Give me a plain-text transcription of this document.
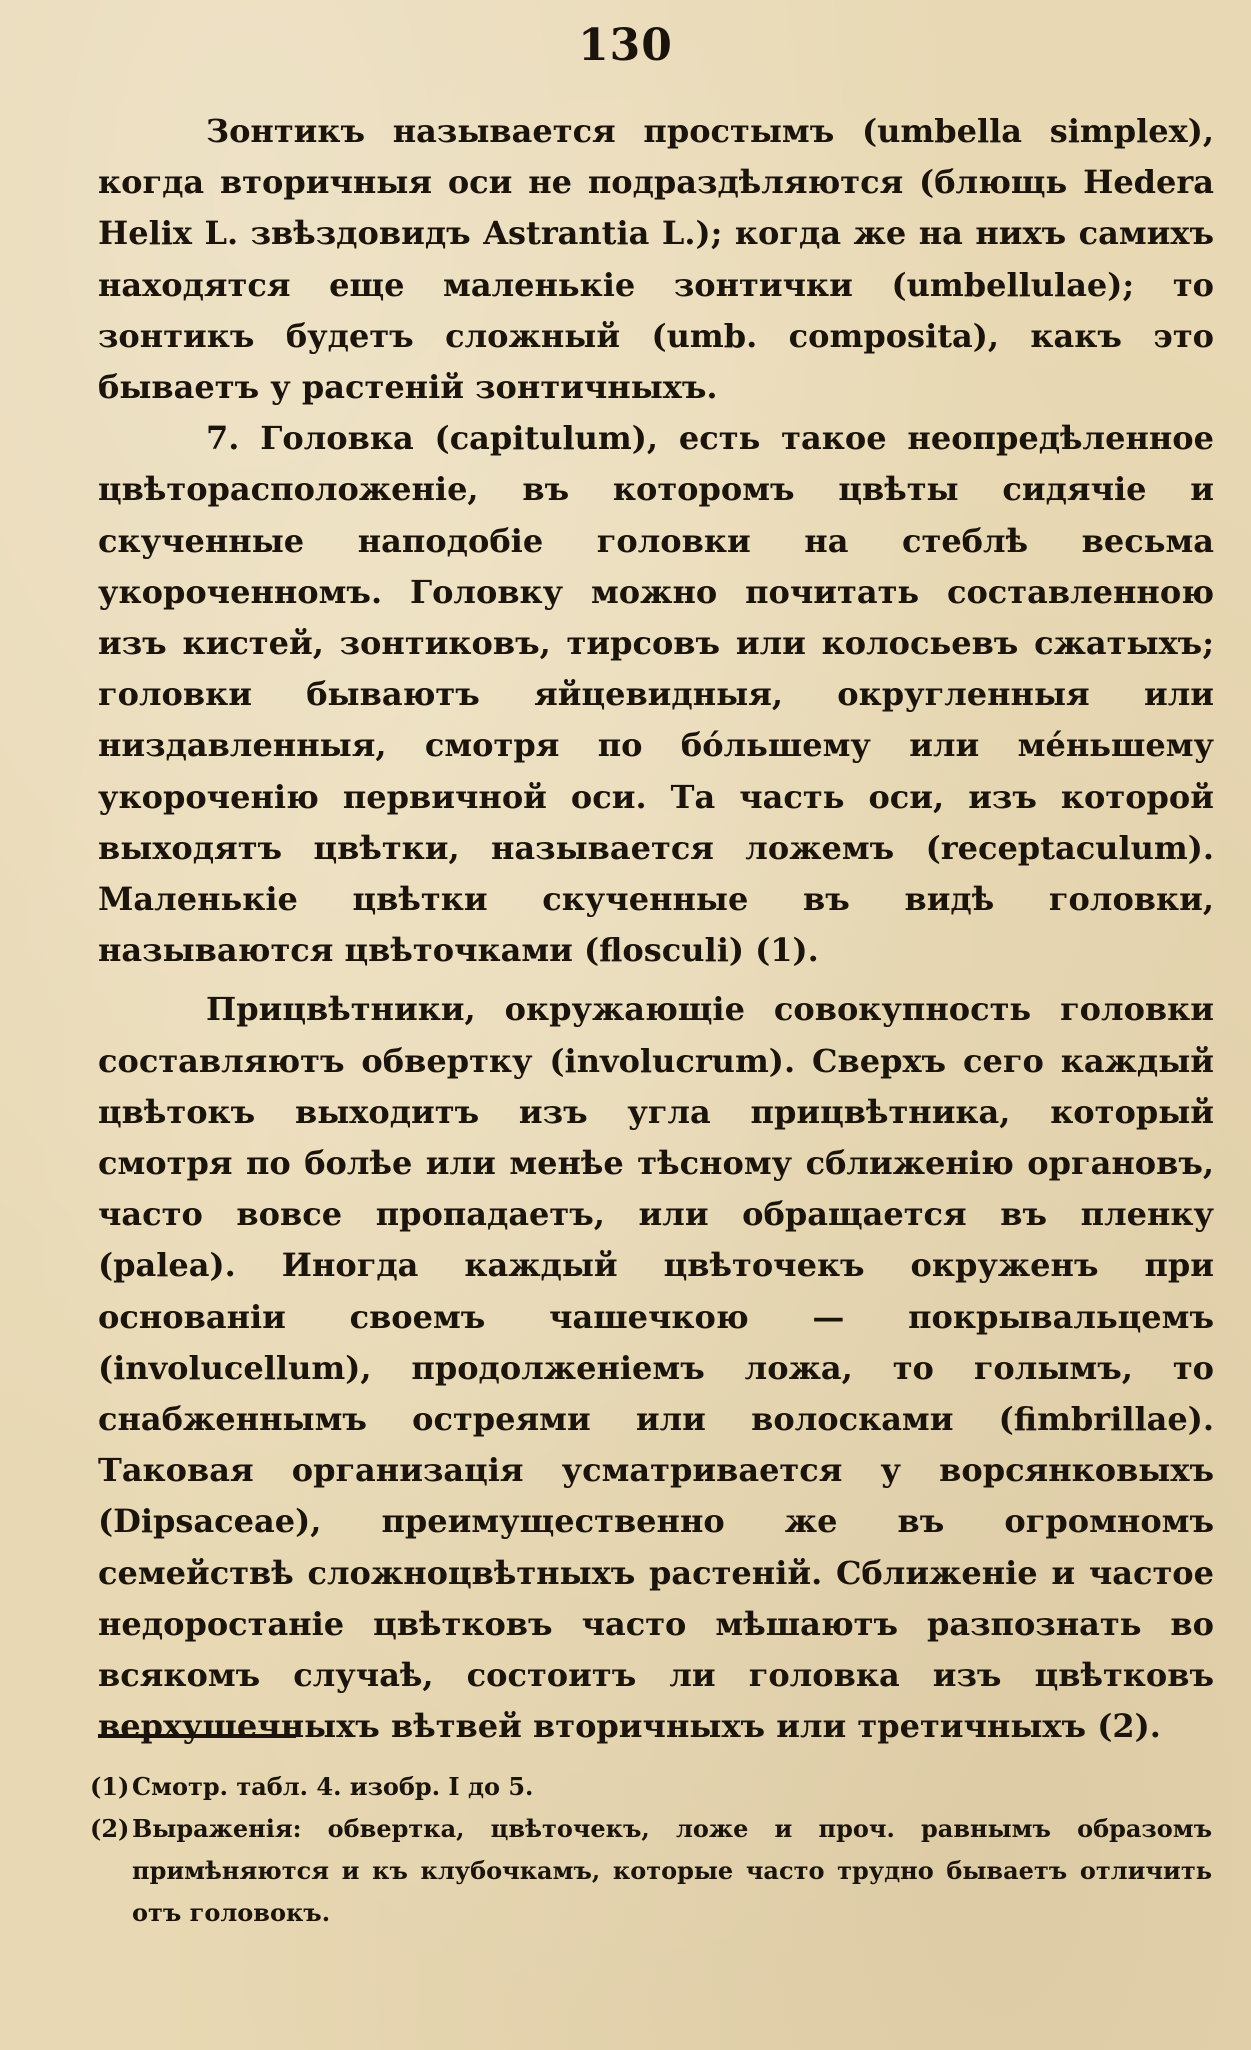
130

Зонтикъ называется простымъ (umbella simplex), когда вторичныя оси не подраздѣляются (блющь Hedera Helix L. звѣздовидъ Astrantia L.); когда же на нихъ самихъ находятся еще маленькіе зонтички (umbellulae); то зонтикъ будетъ сложный (umb. composita), какъ это бываетъ у растеній зонтичныхъ.

7. Головка (capitulum), есть такое неопредѣленное цвѣторасположеніе, въ которомъ цвѣты сидячіе и скученные наподобіе головки на стеблѣ весьма укороченномъ. Головку можно почитать составленною изъ кистей, зонтиковъ, тирсовъ или колосьевъ сжатыхъ; головки бываютъ яйцевидныя, округленныя или низдавленныя, смотря по бóльшему или мéньшему укороченію первичной оси. Та часть оси, изъ которой выходятъ цвѣтки, называется ложемъ (receptaculum). Маленькіе цвѣтки скученные въ видѣ головки, называются цвѣточками (flosculi) (1).

Прицвѣтники, окружающіе совокупность головки составляютъ обвертку (involucrum). Сверхъ сего каждый цвѣтокъ выходитъ изъ угла прицвѣтника, который смотря по болѣе или менѣе тѣсному сближенію органовъ, часто вовсе пропадаетъ, или обращается въ пленку (palea). Иногда каждый цвѣточекъ окруженъ при основаніи своемъ чашечкою — покрывальцемъ (involucellum), продолженіемъ ложа, то голымъ, то снабженнымъ остреями или волосками (fimbrillae). Таковая организація усматривается у ворсянковыхъ (Dipsaceae), преимущественно же въ огромномъ семействѣ сложноцвѣтныхъ растеній. Сближеніе и частое недоростаніе цвѣтковъ часто мѣшаютъ разпознать во всякомъ случаѣ, состоитъ ли головка изъ цвѣтковъ верхушечныхъ вѣтвей вторичныхъ или третичныхъ (2).

(1) Смотр. табл. 4. изобр. I до 5.

(2) Выраженія: обвертка, цвѣточекъ, ложе и проч. равнымъ образомъ примѣняются и къ клубочкамъ, которые часто трудно бываетъ отличить отъ головокъ.
